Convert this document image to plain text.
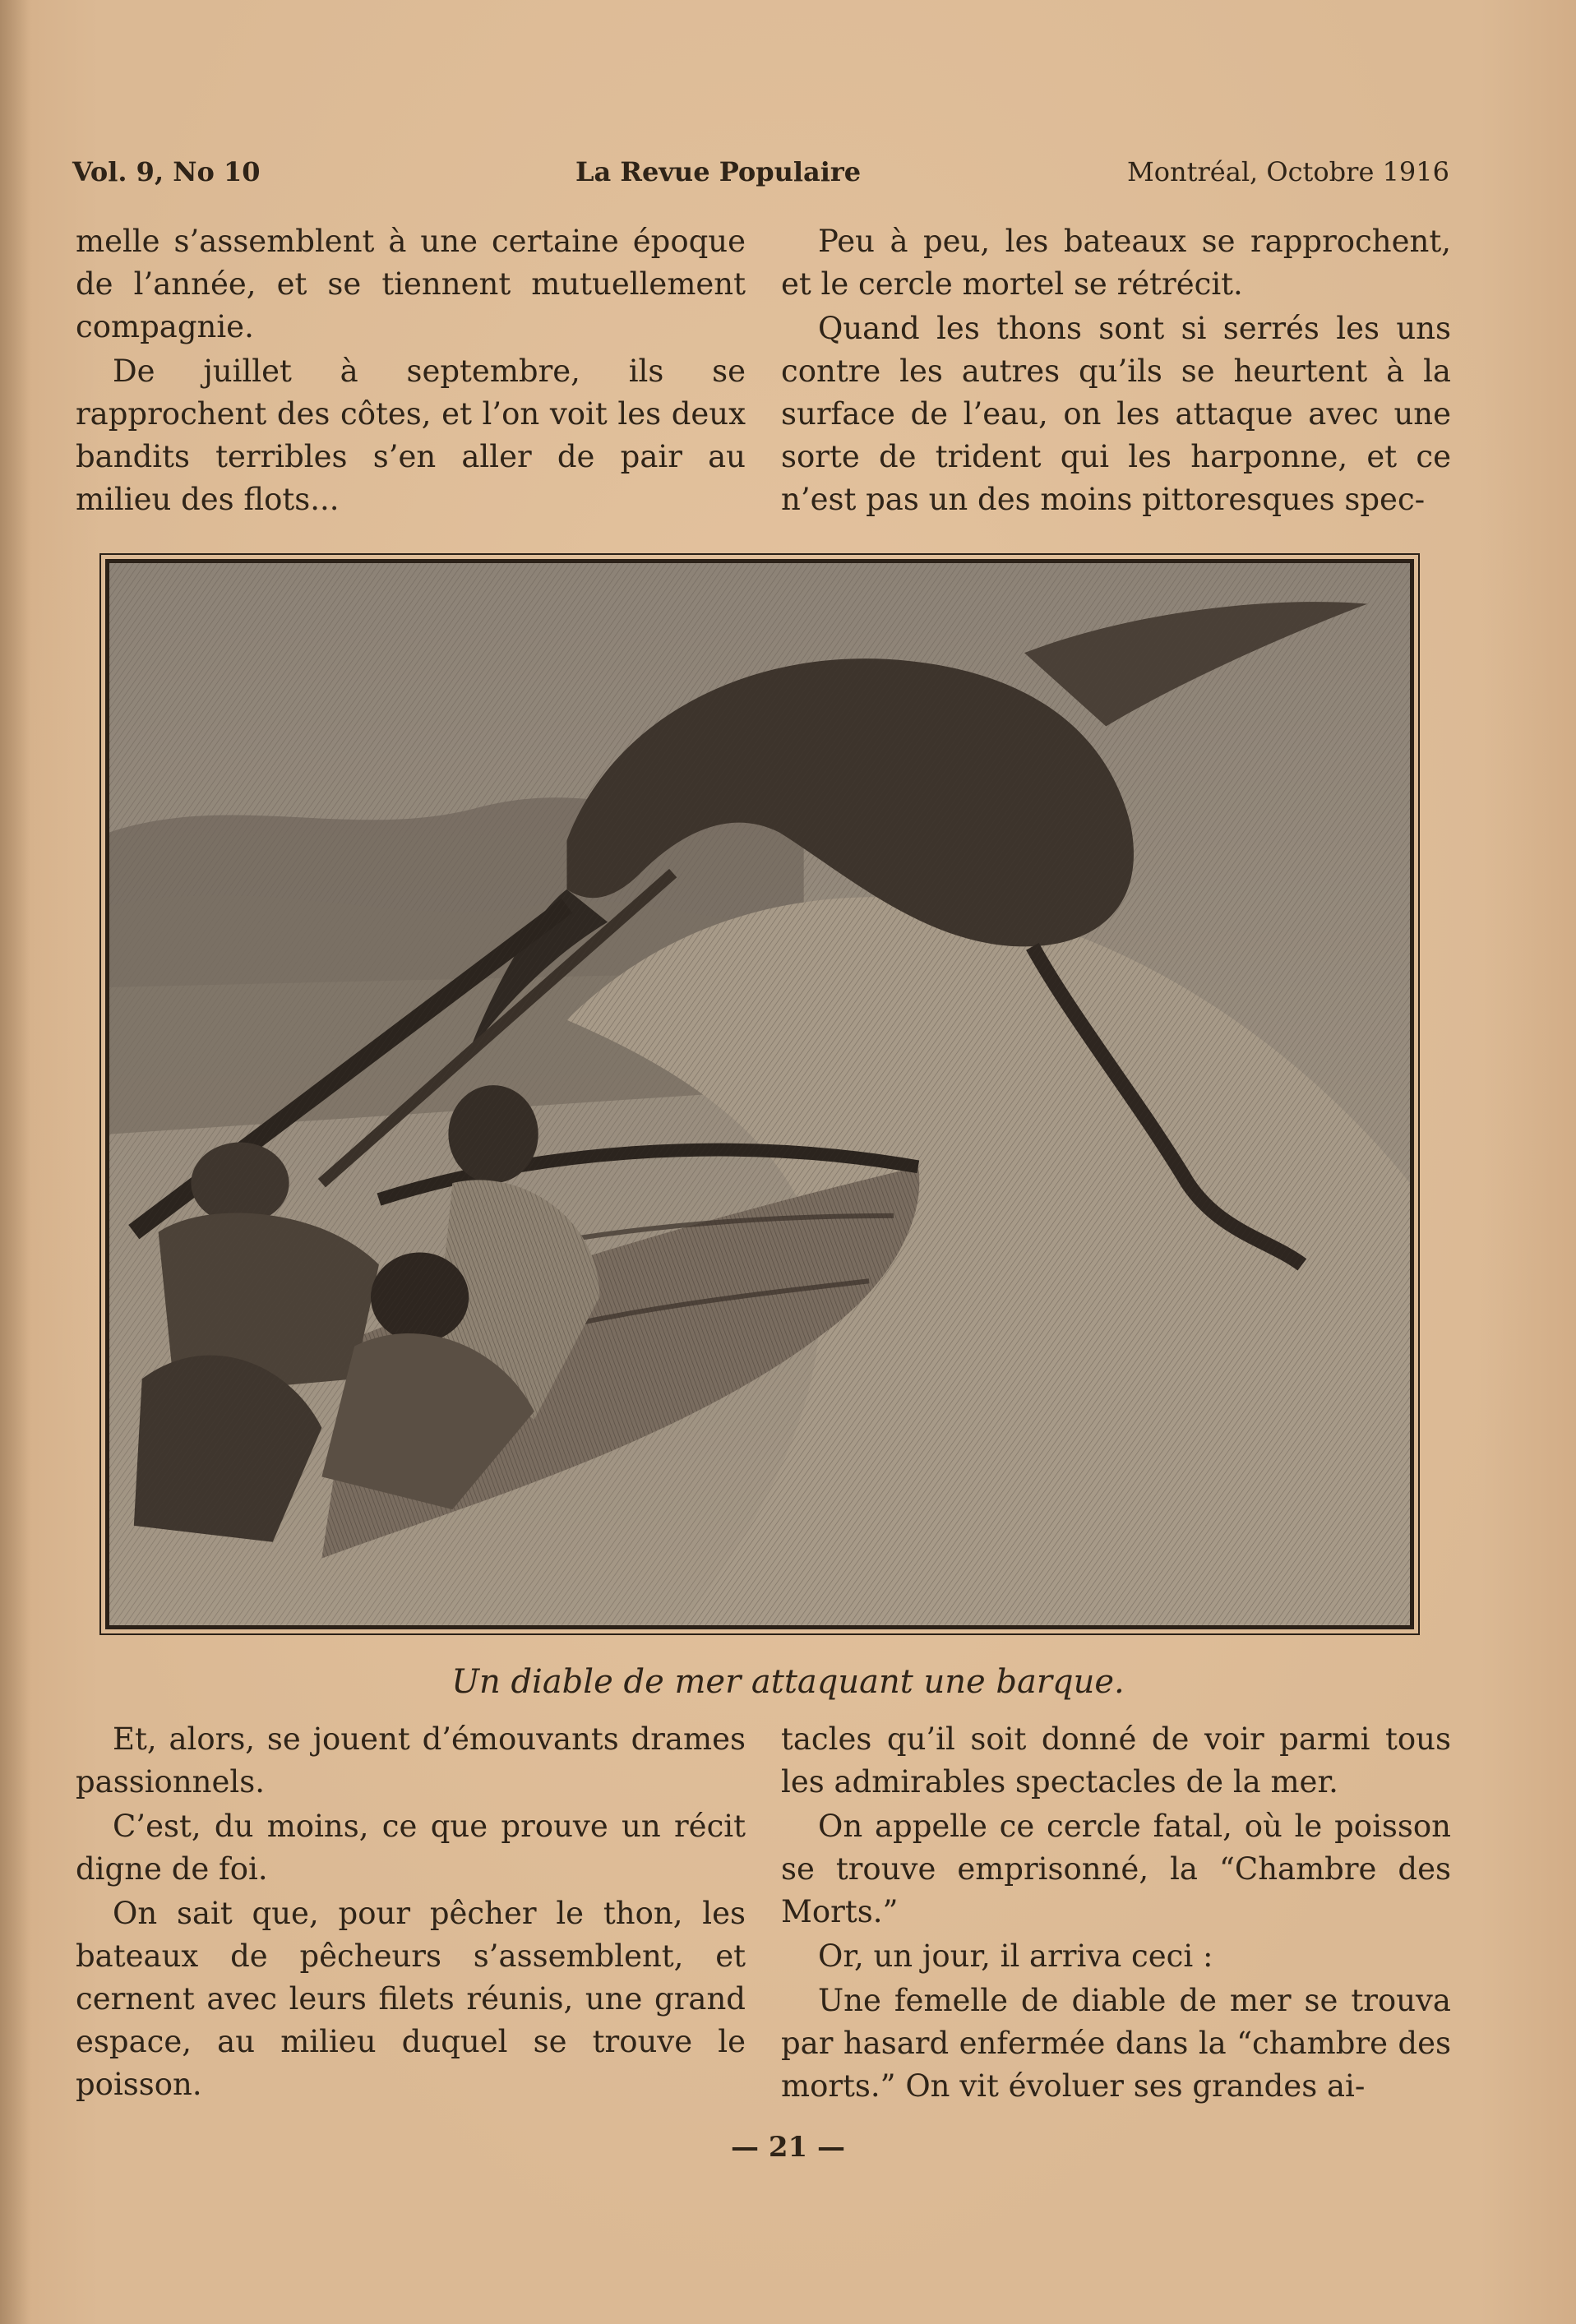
Vol. 9, No 10	La Revue Populaire	Montréal, Octobre 1916

melle s’assemblent à une certaine époque de l’année, et se tiennent mutuellement compagnie.

De juillet à septembre, ils se rapprochent des côtes, et l’on voit les deux bandits terribles s’en aller de pair au milieu des flots...

Peu à peu, les bateaux se rapprochent, et le cercle mortel se rétrécit.

Quand les thons sont si serrés les uns contre les autres qu’ils se heurtent à la surface de l’eau, on les attaque avec une sorte de trident qui les harponne, et ce n’est pas un des moins pittoresques spec-

Un diable de mer attaquant une barque.

Et, alors, se jouent d’émouvants drames passionnels.

C’est, du moins, ce que prouve un récit digne de foi.

On sait que, pour pêcher le thon, les bateaux de pêcheurs s’assemblent, et cernent avec leurs filets réunis, une grand espace, au milieu duquel se trouve le poisson.

tacles qu’il soit donné de voir parmi tous les admirables spectacles de la mer.

On appelle ce cercle fatal, où le poisson se trouve emprisonné, la “Chambre des Morts.”

Or, un jour, il arriva ceci :

Une femelle de diable de mer se trouva par hasard enfermée dans la “chambre des morts.” On vit évoluer ses grandes ai-

— 21 —
